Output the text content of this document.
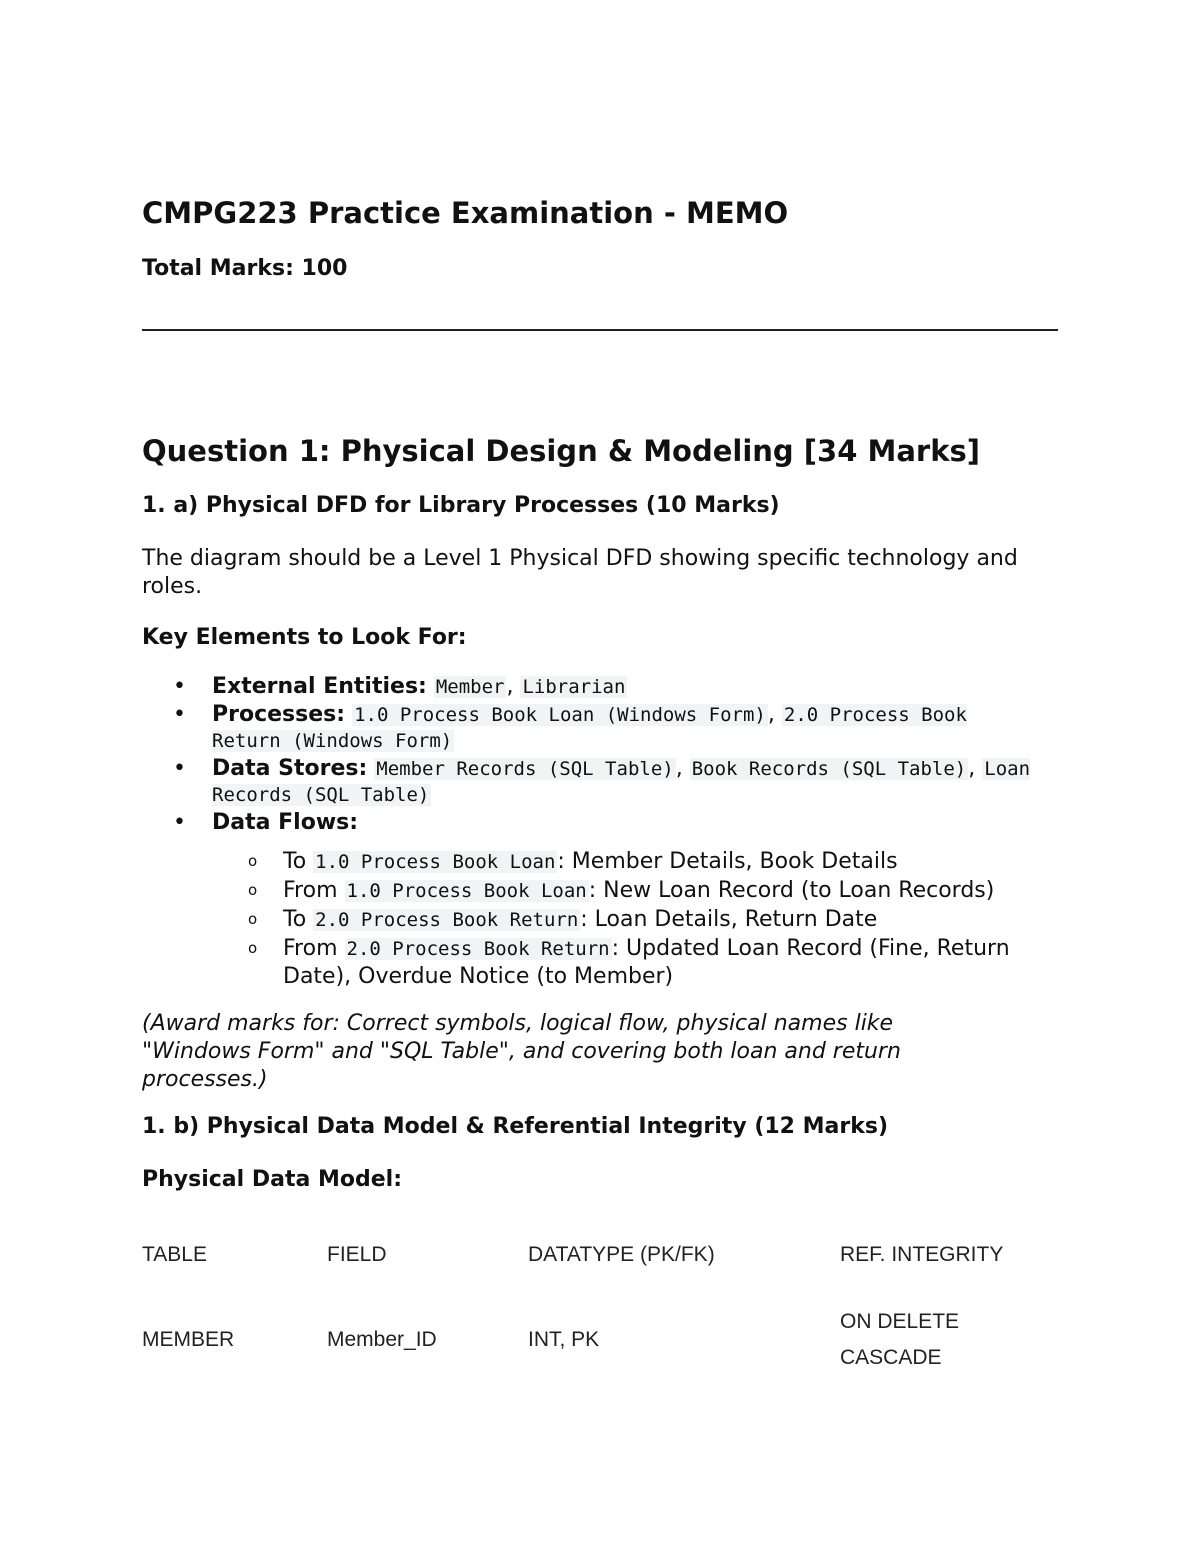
CMPG223 Practice Examination - MEMO

Total Marks: 100

Question 1: Physical Design & Modeling [34 Marks]
1. a) Physical DFD for Library Processes (10 Marks)

The diagram should be a Level 1 Physical DFD showing specific technology and roles.

Key Elements to Look For:

• External Entities: Member, Librarian
• Processes: 1.0 Process Book Loan (Windows Form), 2.0 Process Book Return (Windows Form)
• Data Stores: Member Records (SQL Table), Book Records (SQL Table), Loan Records (SQL Table)
• Data Flows:
o To 1.0 Process Book Loan: Member Details, Book Details
o From 1.0 Process Book Loan: New Loan Record (to Loan Records)
o To 2.0 Process Book Return: Loan Details, Return Date
o From 2.0 Process Book Return: Updated Loan Record (Fine, Return Date), Overdue Notice (to Member)

(Award marks for: Correct symbols, logical flow, physical names like "Windows Form" and "SQL Table", and covering both loan and return processes.)

1. b) Physical Data Model & Referential Integrity (12 Marks)

Physical Data Model:

TABLE	FIELD	DATATYPE (PK/FK)	REF. INTEGRITY
MEMBER	Member_ID	INT, PK
ON DELETE
CASCADE
